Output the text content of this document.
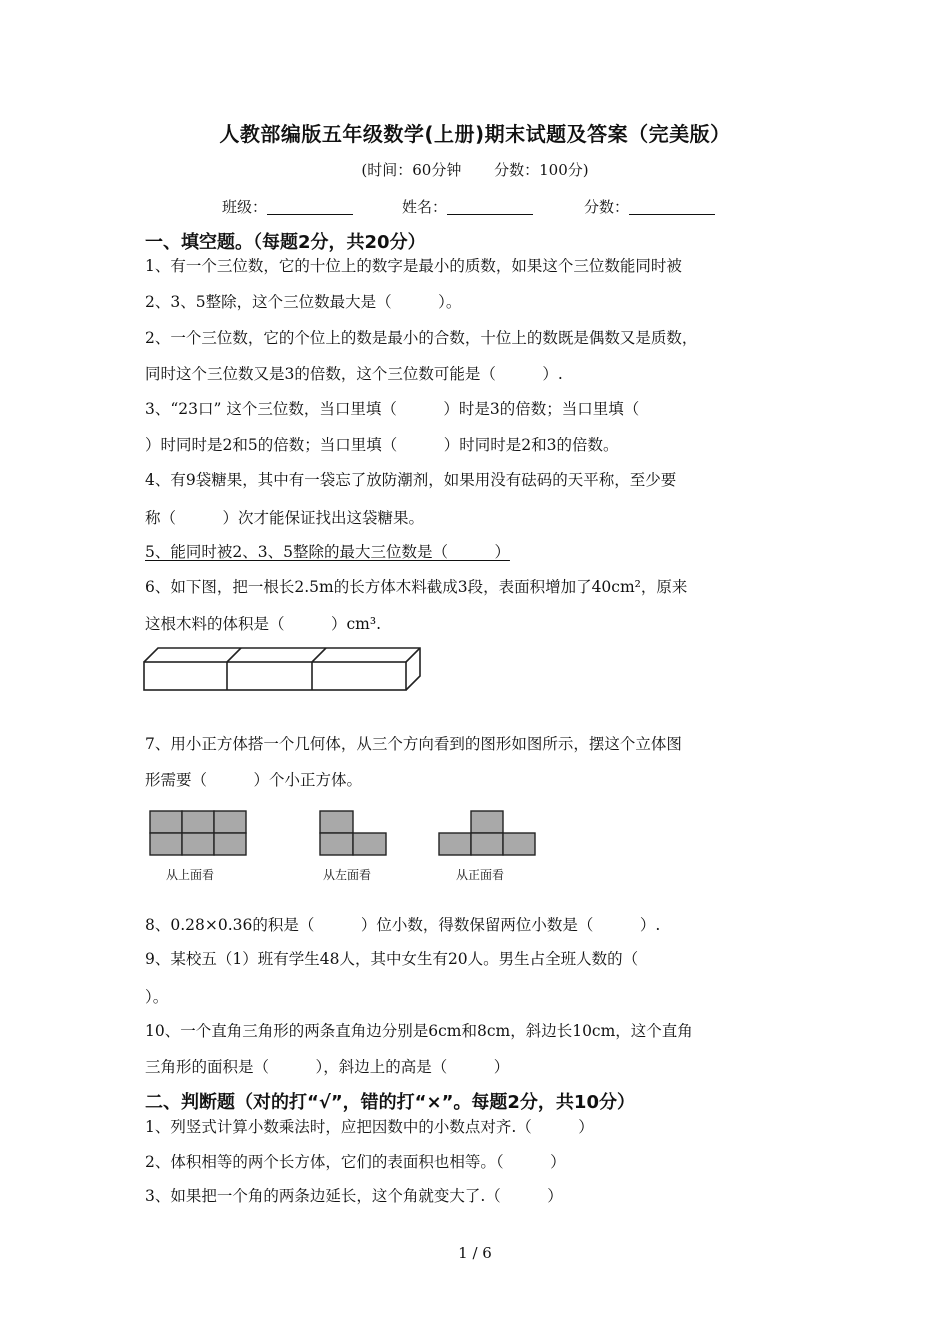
人教部编版五年级数学(上册)期末试题及答案（完美版）
(时间：60分钟 分数：100分)
班级：	姓名：	分数：
一、填空题。（每题2分，共20分）
1、有一个三位数，它的十位上的数字是最小的质数，如果这个三位数能同时被
2、3、5整除，这个三位数最大是（　　　）。
2、一个三位数，它的个位上的数是最小的合数，十位上的数既是偶数又是质数，
同时这个三位数又是3的倍数，这个三位数可能是（　　　）.
3、“23口” 这个三位数，当口里填（　　　）时是3的倍数；当口里填（
）时同时是2和5的倍数；当口里填（　　　）时同时是2和3的倍数。
4、有9袋糖果，其中有一袋忘了放防潮剂，如果用没有砝码的天平称，至少要
称（　　　）次才能保证找出这袋糖果。
5、能同时被2、3、5整除的最大三位数是（　　　）
6、如下图，把一根长2.5m的长方体木料截成3段，表面积增加了40cm²，原来
这根木料的体积是（　　　）cm³.
7、用小正方体搭一个几何体，从三个方向看到的图形如图所示，摆这个立体图
形需要（　　　）个小正方体。
从上面看	从左面看	从正面看
8、0.28×0.36的积是（　　　）位小数，得数保留两位小数是（　　　）.
9、某校五（1）班有学生48人，其中女生有20人。男生占全班人数的（
）。
10、一个直角三角形的两条直角边分别是6cm和8cm，斜边长10cm，这个直角
三角形的面积是（　　　），斜边上的高是（　　　）
二、判断题（对的打“√”，错的打“×”。每题2分，共10分）
1、列竖式计算小数乘法时，应把因数中的小数点对齐.（　　　）
2、体积相等的两个长方体，它们的表面积也相等。（　　　）
3、如果把一个角的两条边延长，这个角就变大了.（　　　）
1 / 6
